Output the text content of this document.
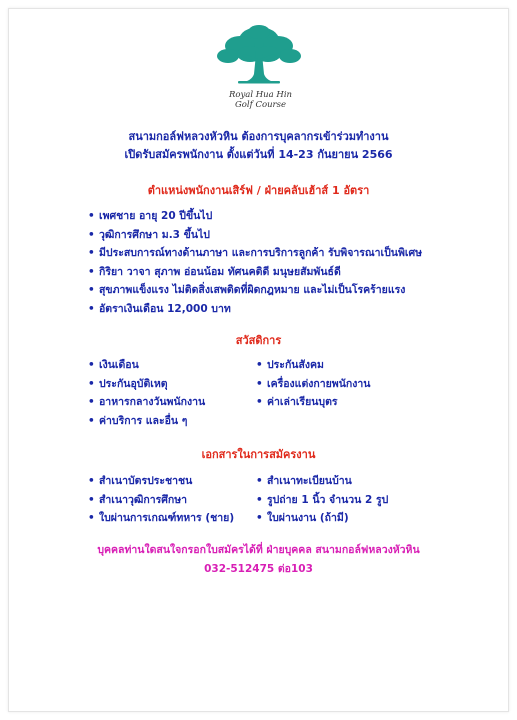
Royal Hua Hin
Golf Course
สนามกอล์ฟหลวงหัวหิน ต้องการบุคลากรเข้าร่วมทำงาน
เปิดรับสมัครพนักงาน ตั้งแต่วันที่ 14-23 กันยายน 2566
ตำแหน่งพนักงานเสิร์ฟ / ฝ่ายคลับเฮ้าส์ 1 อัตรา
• เพศชาย อายุ 20 ปีขึ้นไป
• วุฒิการศึกษา ม.3 ขึ้นไป
• มีประสบการณ์ทางด้านภาษา และการบริการลูกค้า รับพิจารณาเป็นพิเศษ
• กิริยา วาจา สุภาพ อ่อนน้อม ทัศนคติดี มนุษยสัมพันธ์ดี
• สุขภาพแข็งแรง ไม่ติดสิ่งเสพติดที่ผิดกฎหมาย และไม่เป็นโรคร้ายแรง
• อัตราเงินเดือน 12,000 บาท
สวัสดิการ
• เงินเดือน
• ประกันอุบัติเหตุ
• อาหารกลางวันพนักงาน
• ค่าบริการ และอื่น ๆ
• ประกันสังคม
• เครื่องแต่งกายพนักงาน
• ค่าเล่าเรียนบุตร
เอกสารในการสมัครงาน
• สำเนาบัตรประชาชน
• สำเนาวุฒิการศึกษา
• ใบผ่านการเกณฑ์ทหาร (ชาย)
• สำเนาทะเบียนบ้าน
• รูปถ่าย 1 นิ้ว จำนวน 2 รูป
• ใบผ่านงาน (ถ้ามี)
บุคคลท่านใดสนใจกรอกใบสมัครได้ที่ ฝ่ายบุคคล สนามกอล์ฟหลวงหัวหิน
032-512475 ต่อ103
